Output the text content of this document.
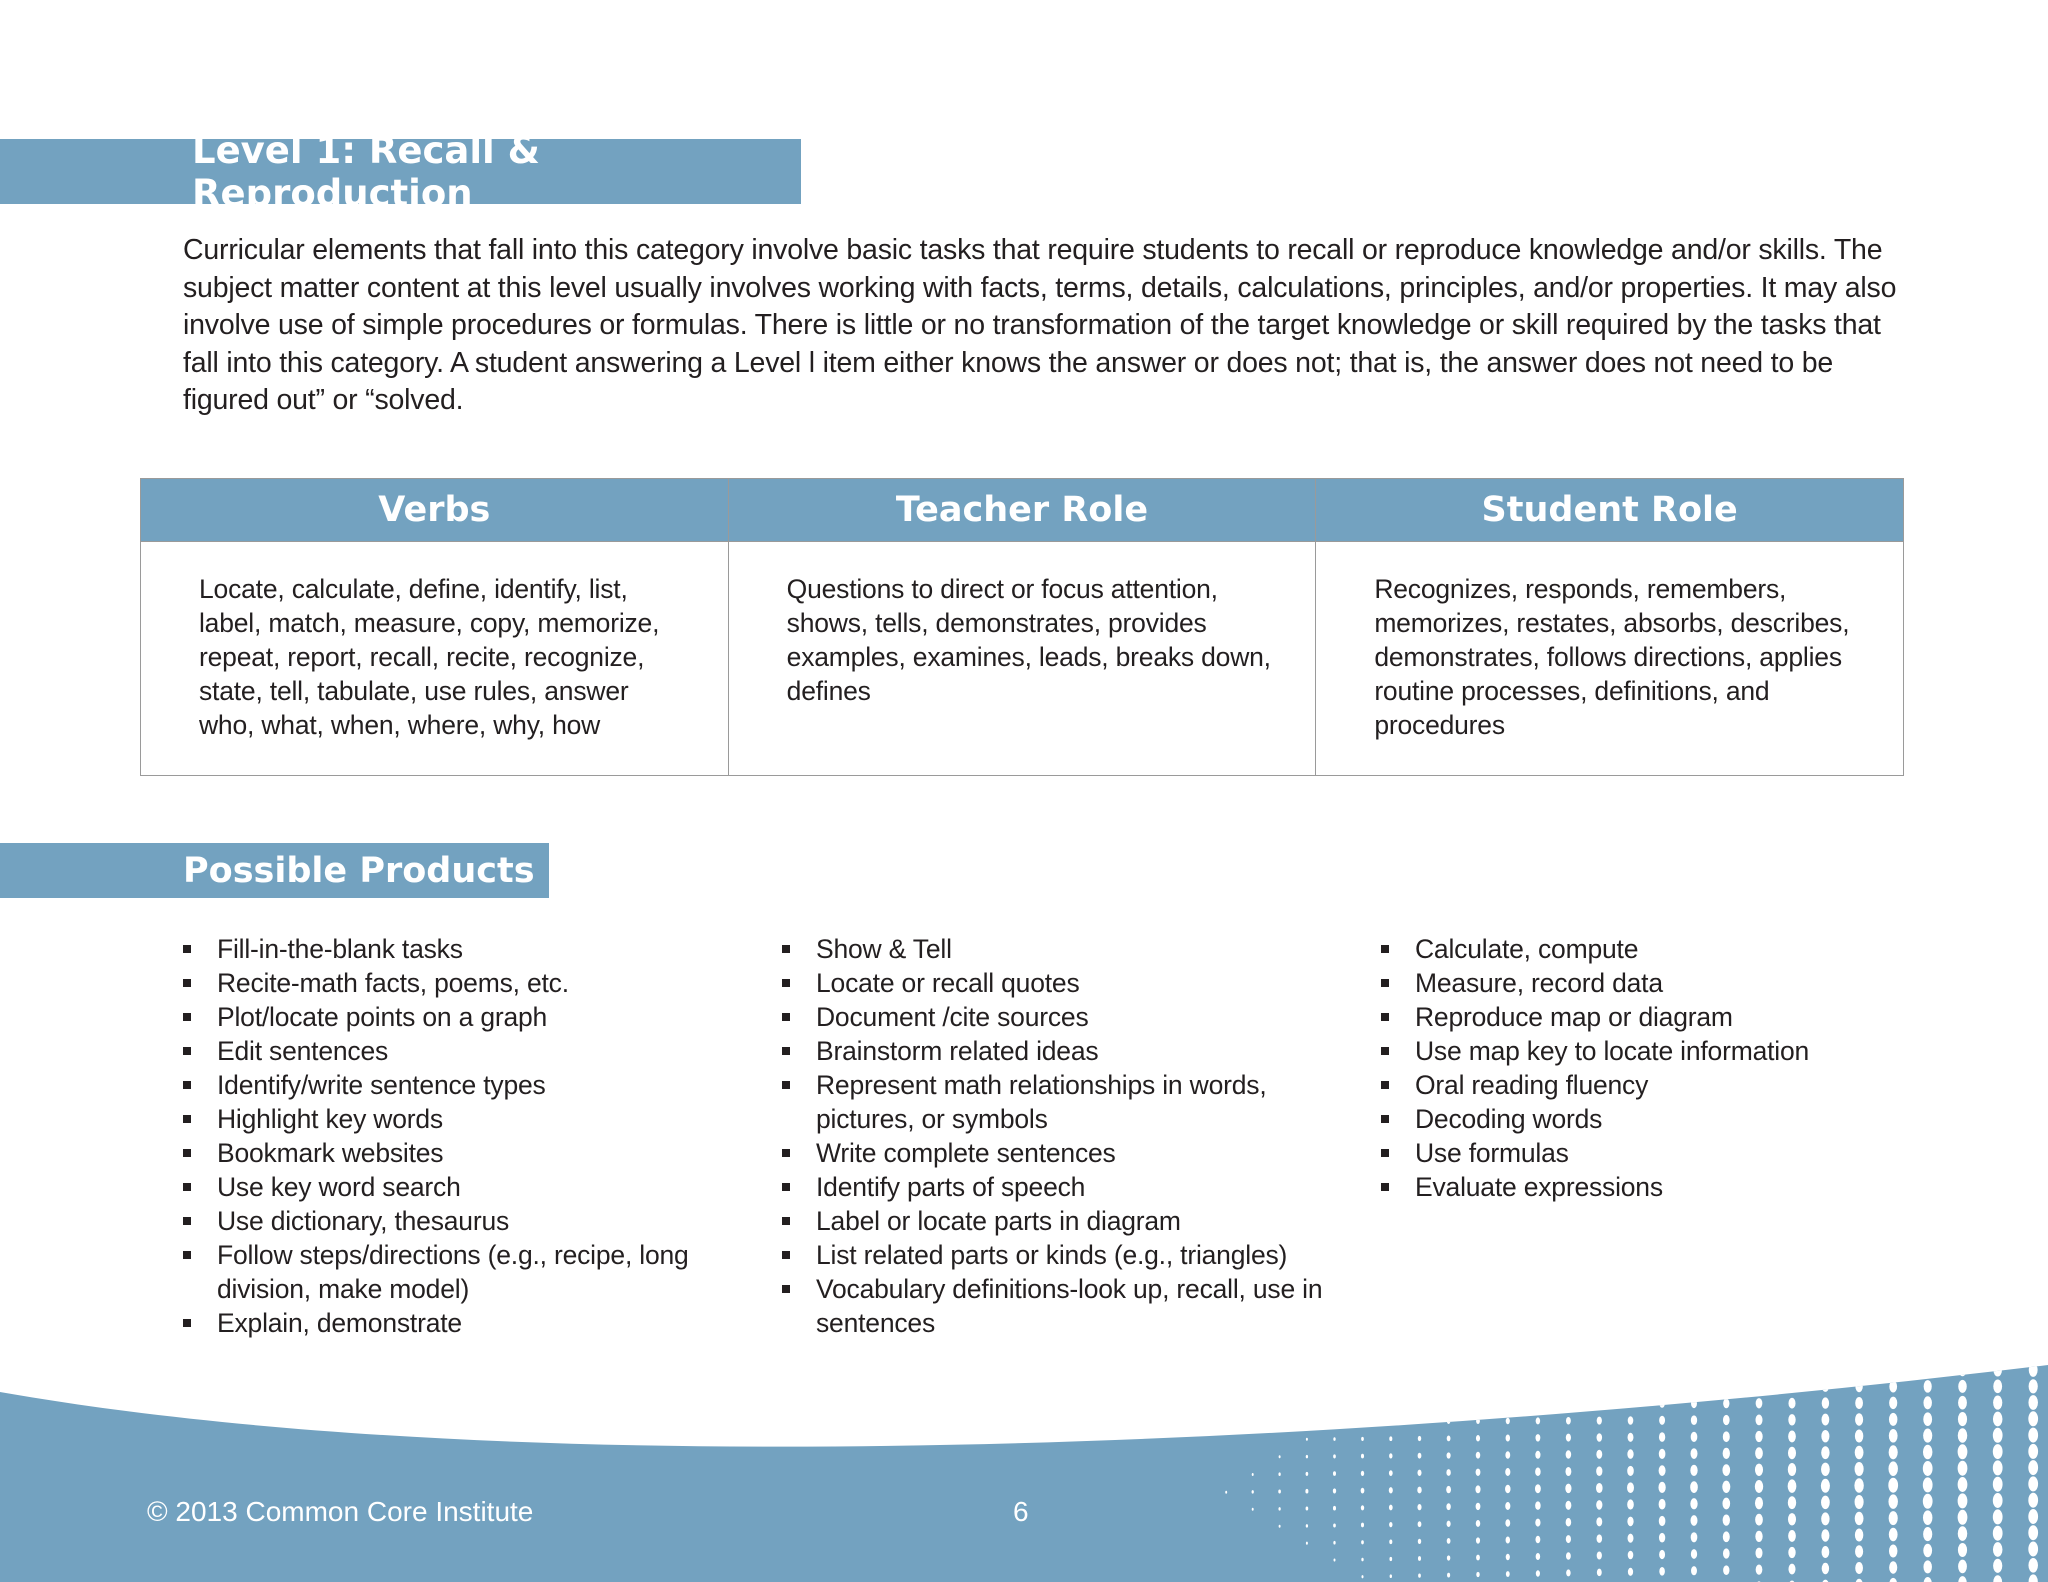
Level 1: Recall & Reproduction

Curricular elements that fall into this category involve basic tasks that require students to recall or reproduce knowledge and/or skills. The subject matter content at this level usually involves working with facts, terms, details, calculations, principles, and/or properties. It may also involve use of simple procedures or formulas. There is little or no transformation of the target knowledge or skill required by the tasks that fall into this category. A student answering a Level l item either knows the answer or does not; that is, the answer does not need to be figured out” or “solved.

Verbs	Teacher Role	Student Role
Locate, calculate, define, identify, list, label, match, measure, copy, memorize, repeat, report, recall, recite, recognize, state, tell, tabulate, use rules, answer who, what, when, where, why, how	Questions to direct or focus attention, shows, tells, demonstrates, provides examples, examines, leads, breaks down, defines	Recognizes, responds, remembers, memorizes, restates, absorbs, describes, demonstrates, follows directions, applies routine processes, definitions, and procedures
Possible Products
Fill-in-the-blank tasks
Recite-math facts, poems, etc.
Plot/locate points on a graph
Edit sentences
Identify/write sentence types
Highlight key words
Bookmark websites
Use key word search
Use dictionary, thesaurus
Follow steps/directions (e.g., recipe, long division, make model)
Explain, demonstrate
Show & Tell
Locate or recall quotes
Document /cite sources
Brainstorm related ideas
Represent math relationships in words, pictures, or symbols
Write complete sentences
Identify parts of speech
Label or locate parts in diagram
List related parts or kinds (e.g., triangles)
Vocabulary definitions-look up, recall, use in sentences
Calculate, compute
Measure, record data
Reproduce map or diagram
Use map key to locate information
Oral reading fluency
Decoding words
Use formulas
Evaluate expressions
© 2013 Common Core Institute	6
